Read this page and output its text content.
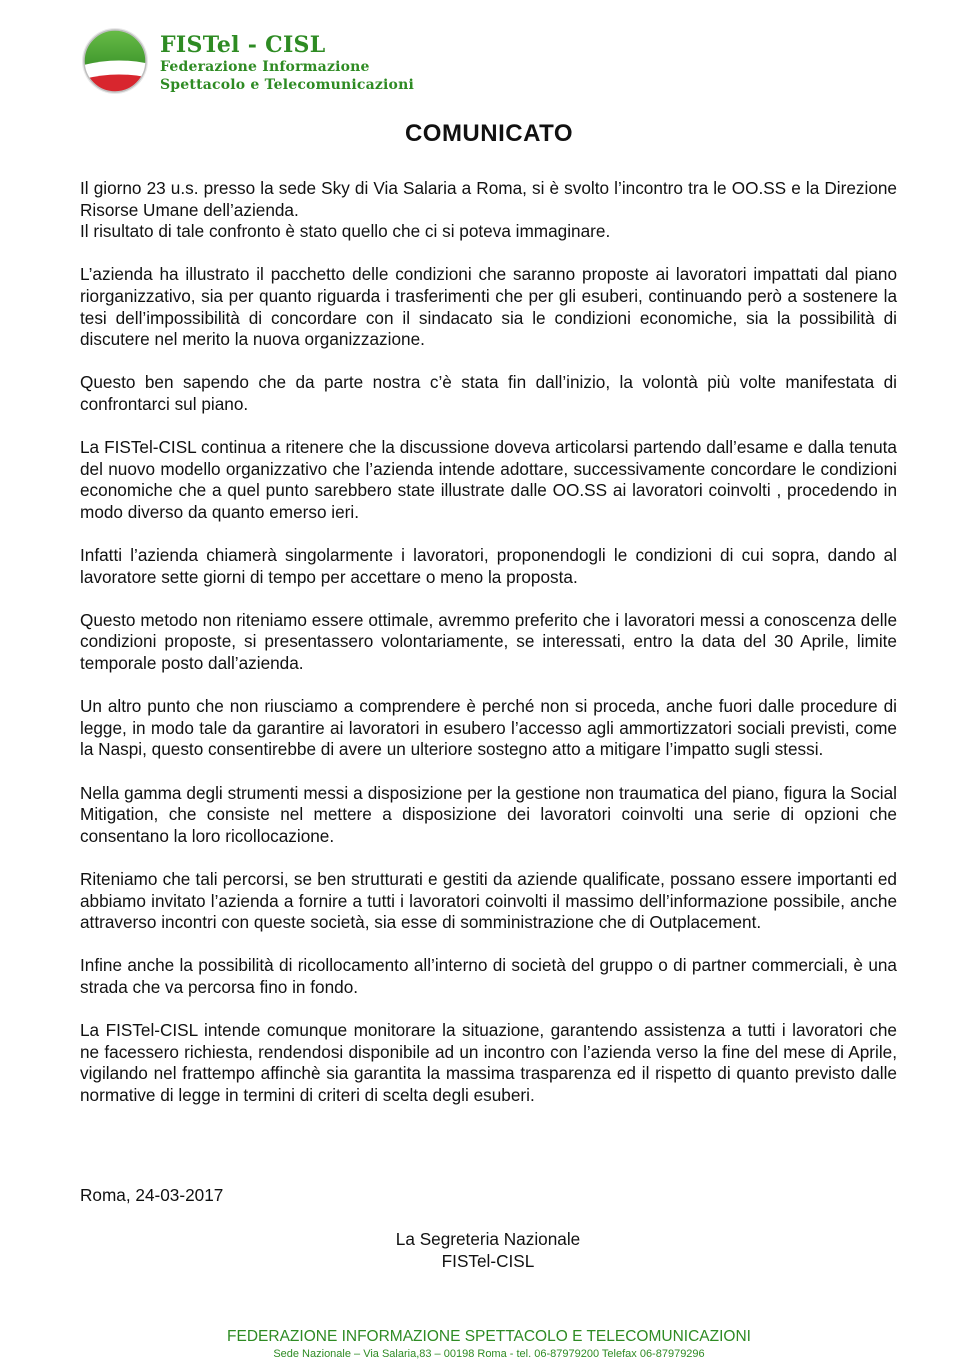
FISTel - CISL
Federazione Informazione
Spettacolo e Telecomunicazioni
COMUNICATO

Il giorno 23 u.s. presso la sede Sky di Via Salaria a Roma, si è svolto l’incontro tra le OO.SS e la Direzione Risorse Umane dell’azienda.
Il risultato di tale confronto è stato quello che ci si poteva immaginare.

L’azienda ha illustrato il pacchetto delle condizioni che saranno proposte ai lavoratori impattati dal piano riorganizzativo, sia per quanto riguarda i trasferimenti che per gli esuberi, continuando però a sostenere la tesi dell’impossibilità di concordare con il sindacato sia le condizioni economiche, sia la possibilità di discutere nel merito la nuova organizzazione.

Questo ben sapendo che da parte nostra c’è stata fin dall’inizio, la volontà più volte manifestata di confrontarci sul piano.

La FISTel-CISL continua a ritenere che la discussione doveva articolarsi partendo dall’esame e dalla tenuta del nuovo modello organizzativo che l’azienda intende adottare, successivamente concordare le condizioni economiche che a quel punto sarebbero state illustrate dalle OO.SS ai lavoratori coinvolti , procedendo in modo diverso da quanto emerso ieri.

Infatti l’azienda chiamerà singolarmente i lavoratori, proponendogli le condizioni di cui sopra, dando al lavoratore sette giorni di tempo per accettare o meno la proposta.

Questo metodo non riteniamo essere ottimale, avremmo preferito che i lavoratori messi a conoscenza delle condizioni proposte, si presentassero volontariamente, se interessati, entro la data del 30 Aprile, limite temporale posto dall’azienda.

Un altro punto che non riusciamo a comprendere è perché non si proceda, anche fuori dalle procedure di legge, in modo tale da garantire ai lavoratori in esubero l’accesso agli ammortizzatori sociali previsti, come la Naspi, questo consentirebbe di avere un ulteriore sostegno atto a mitigare l’impatto sugli stessi.

Nella gamma degli strumenti messi a disposizione per la gestione non traumatica del piano, figura la Social Mitigation, che consiste nel mettere a disposizione dei lavoratori coinvolti una serie di opzioni che consentano la loro ricollocazione.

Riteniamo che tali percorsi, se ben strutturati e gestiti da aziende qualificate, possano essere importanti ed abbiamo invitato l’azienda a fornire a tutti i lavoratori coinvolti il massimo dell’informazione possibile, anche attraverso incontri con queste società, sia esse di somministrazione che di Outplacement.

Infine anche la possibilità di ricollocamento all’interno di società del gruppo o di partner commerciali, è una strada che va percorsa fino in fondo.

La FISTel-CISL intende comunque monitorare la situazione, garantendo assistenza a tutti i lavoratori che ne facessero richiesta, rendendosi disponibile ad un incontro con l’azienda verso la fine del mese di Aprile, vigilando nel frattempo affinchè sia garantita la massima trasparenza ed il rispetto di quanto previsto dalle normative di legge in termini di criteri di scelta degli esuberi.

Roma, 24-03-2017
La Segreteria Nazionale
FISTel-CISL
FEDERAZIONE INFORMAZIONE SPETTACOLO E TELECOMUNICAZIONI
Sede Nazionale – Via Salaria,83 – 00198 Roma - tel. 06-87979200 Telefax 06-87979296
